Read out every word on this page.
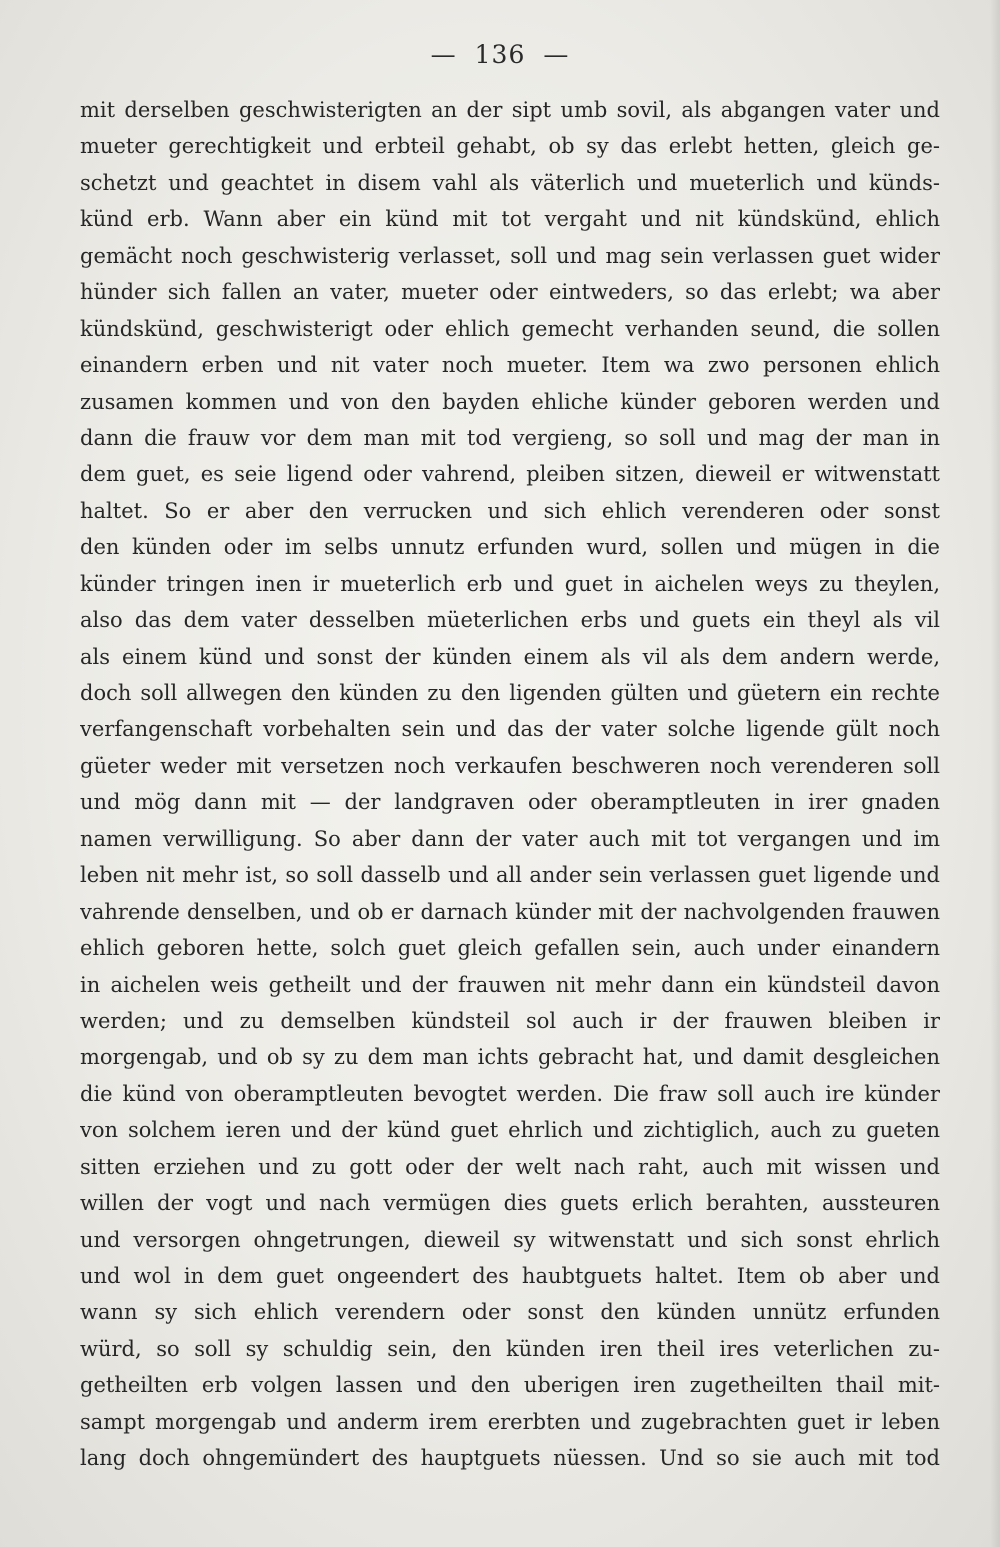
— 136 —
mit derselben geschwisterigten an der sipt umb sovil, als abgangen vater und
mueter gerechtigkeit und erbteil gehabt, ob sy das erlebt hetten, gleich ge-
schetzt und geachtet in disem vahl als väterlich und mueterlich und künds-
künd erb. Wann aber ein künd mit tot vergaht und nit kündskünd, ehlich
gemächt noch geschwisterig verlasset, soll und mag sein verlassen guet wider
hünder sich fallen an vater, mueter oder eintweders, so das erlebt; wa aber
kündskünd, geschwisterigt oder ehlich gemecht verhanden seund, die sollen
einandern erben und nit vater noch mueter. Item wa zwo personen ehlich
zusamen kommen und von den bayden ehliche künder geboren werden und
dann die frauw vor dem man mit tod vergieng, so soll und mag der man in
dem guet, es seie ligend oder vahrend, pleiben sitzen, dieweil er witwenstatt
haltet. So er aber den verrucken und sich ehlich verenderen oder sonst
den künden oder im selbs unnutz erfunden wurd, sollen und mügen in die
künder tringen inen ir mueterlich erb und guet in aichelen weys zu theylen,
also das dem vater desselben müeterlichen erbs und guets ein theyl als vil
als einem künd und sonst der künden einem als vil als dem andern werde,
doch soll allwegen den künden zu den ligenden gülten und güetern ein rechte
verfangenschaft vorbehalten sein und das der vater solche ligende gült noch
güeter weder mit versetzen noch verkaufen beschweren noch verenderen soll
und mög dann mit — der landgraven oder oberamptleuten in irer gnaden
namen verwilligung. So aber dann der vater auch mit tot vergangen und im
leben nit mehr ist, so soll dasselb und all ander sein verlassen guet ligende und
vahrende denselben, und ob er darnach künder mit der nachvolgenden frauwen
ehlich geboren hette, solch guet gleich gefallen sein, auch under einandern
in aichelen weis getheilt und der frauwen nit mehr dann ein kündsteil davon
werden; und zu demselben kündsteil sol auch ir der frauwen bleiben ir
morgengab, und ob sy zu dem man ichts gebracht hat, und damit desgleichen
die künd von oberamptleuten bevogtet werden. Die fraw soll auch ire künder
von solchem ieren und der künd guet ehrlich und zichtiglich, auch zu gueten
sitten erziehen und zu gott oder der welt nach raht, auch mit wissen und
willen der vogt und nach vermügen dies guets erlich berahten, aussteuren
und versorgen ohngetrungen, dieweil sy witwenstatt und sich sonst ehrlich
und wol in dem guet ongeendert des haubtguets haltet. Item ob aber und
wann sy sich ehlich verendern oder sonst den künden unnütz erfunden
würd, so soll sy schuldig sein, den künden iren theil ires veterlichen zu-
getheilten erb volgen lassen und den uberigen iren zugetheilten thail mit-
sampt morgengab und anderm irem ererbten und zugebrachten guet ir leben
lang doch ohngemündert des hauptguets nüessen. Und so sie auch mit tod
